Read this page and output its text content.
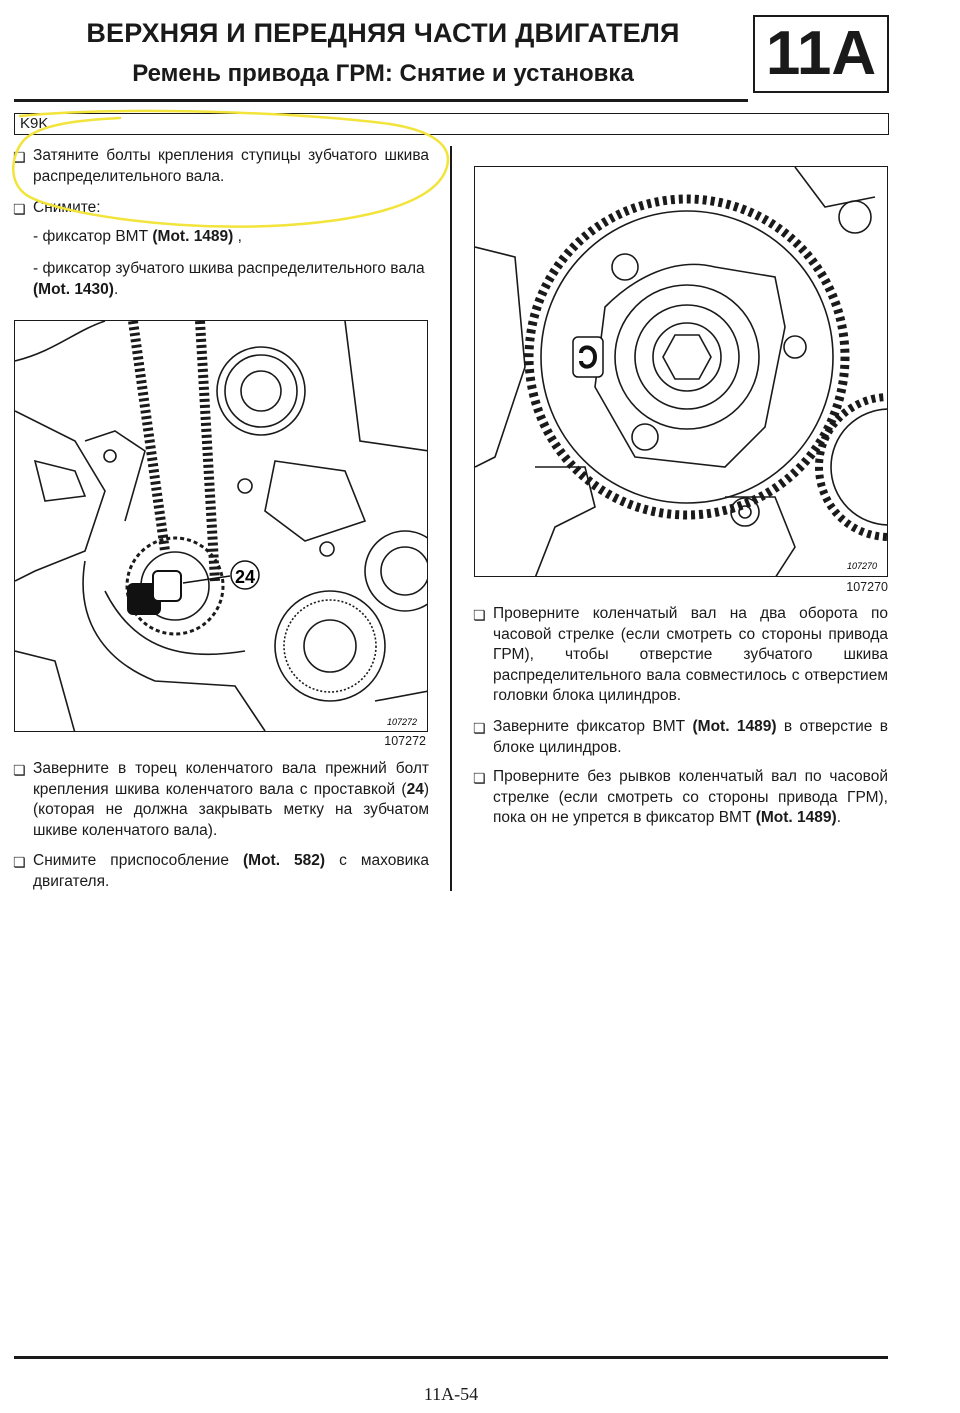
ВЕРХНЯЯ И ПЕРЕДНЯЯ ЧАСТИ ДВИГАТЕЛЯ
Ремень привода ГРМ: Снятие и установка	11A
K9K
❏ Затяните болты крепления ступицы зубчатого шкива распределительного вала.
❏ Снимите:
- фиксатор ВМТ (Mot. 1489) ,
- фиксатор зубчатого шкива распределительного вала (Mot. 1430).
24
107272
107272
❏ Заверните в торец коленчатого вала прежний болт крепления шкива коленчатого вала с проставкой (24) (которая не должна закрывать метку на зубчатом шкиве коленчатого вала).
❏ Снимите приспособление (Mot. 582) с маховика двигателя.
107270
107270
❏ Проверните коленчатый вал на два оборота по часовой стрелке (если смотреть со стороны привода ГРМ), чтобы отверстие зубчатого шкива распределительного вала совместилось с отверстием головки блока цилиндров.
❏ Заверните фиксатор ВМТ (Mot. 1489) в отверстие в блоке цилиндров.
❏ Проверните без рывков коленчатый вал по часовой стрелке (если смотреть со стороны привода ГРМ), пока он не упрется в фиксатор ВМТ (Mot. 1489).
11A-54
